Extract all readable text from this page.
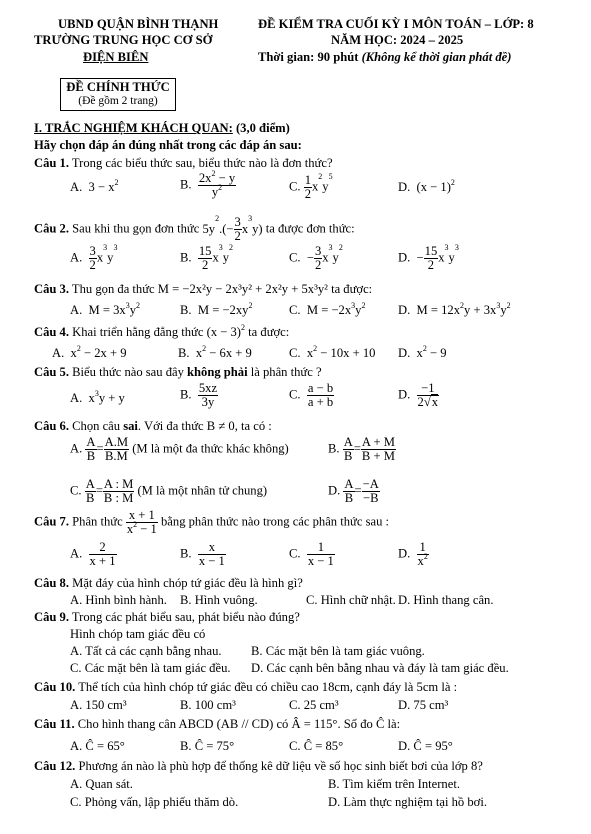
UBND QUẬN BÌNH THẠNH
TRƯỜNG TRUNG HỌC CƠ SỞ
ĐIỆN BIÊN
ĐỀ KIỂM TRA CUỐI KỲ I MÔN TOÁN – LỚP: 8
NĂM HỌC: 2024 – 2025
Thời gian: 90 phút (Không kể thời gian phát đề)
ĐỀ CHÍNH THỨC
(Đề gồm 2 trang)
I. TRẮC NGHIỆM KHÁCH QUAN: (3,0 điểm)
Hãy chọn đáp án đúng nhất trong các đáp án sau:
Câu 1. Trong các biểu thức sau, biểu thức nào là đơn thức?
A.  $3 - x^2$	B. $\frac{2x^2 - y}{y^2}$	C. $\frac{1}{2} x^2y^5$
D.  $(x - 1)^2$
Câu 2. Sau khi thu gọn đơn thức $5y^2.(- \frac{3}{2} x^3y)$ ta được đơn thức:
A. $\frac{3}{2} x^3y^3$
B. $\frac{15}{2} x^3y^2$
C.  − $\frac{3}{2} x^3y^2$
D.  − $\frac{15}{2} x^3y^3$
Câu 3. Thu gọn đa thức M = −2x²y − 2x³y² + 2x²y + 5x³y² ta được:
A.  $M = 3x^3y^2$	B.  $M = -2xy^2$	C.  $M = -2x^3y^2$	D.  $M = 12x^2y + 3x^3y^2$
Câu 4. Khai triển hằng đẳng thức $(x - 3)^2$ ta được:
A.  $x^2 - 2x + 9$	B.  $x^2 - 6x + 9$	C.  $x^2 - 10x + 10$ D.  $x^2 - 9$
Câu 5. Biểu thức nào sau đây không phải là phân thức ?
A.  $x^3y + y$	B. $\frac{5xz}{3y}$	C. $\frac{a - b}{a + b}$	D. $\frac{-1}{2√x}$
Câu 6. Chọn câu sai. Với đa thức B ≠ 0, ta có :
A. $\frac{A}{B} = \frac{A.M}{B.M} (M$ là một đa thức khác không)	B. $\frac{A}{B} = \frac{A + M}{B + M}$
C. $\frac{A}{B} = \frac{A : M}{B : M} (M$ là một nhân tử chung)	D. $\frac{A}{B} = \frac{-A}{-B}$
Câu 7. Phân thức $\frac{x + 1}{x^2 - 1}$ bằng phân thức nào trong các phân thức sau :
A. $\frac{2}{x + 1}$	B. $\frac{x}{x - 1}$	C. $\frac{1}{x - 1}$	D. $\frac{1}{x^2}$
Câu 8. Mặt đáy của hình chóp tứ giác đều là hình gì?
A. Hình bình hành. B. Hình vuông.	C. Hình chữ nhật. D. Hình thang cân.
Câu 9. Trong các phát biểu sau, phát biểu nào đúng?
Hình chóp tam giác đều có
A. Tất cả các cạnh bằng nhau. B. Các mặt bên là tam giác vuông.
C. Các mặt bên là tam giác đều. D. Các cạnh bên bằng nhau và đáy là tam giác đều.
Câu 10. Thể tích của hình chóp tứ giác đều có chiều cao 18cm, cạnh đáy là 5cm là :
A. 150 cm³	B. 100 cm³	C. 25 cm³	D. 75 cm³
Câu 11. Cho hình thang cân ABCD (AB // CD) có Â = 115°. Số đo Ĉ là:
A. Ĉ = 65°	B. Ĉ = 75°	C. Ĉ = 85°	D. Ĉ = 95°
Câu 12. Phương án nào là phù hợp để thống kê dữ liệu về số học sinh biết bơi của lớp 8?
A. Quan sát.	B. Tìm kiếm trên Internet.
C. Phỏng vấn, lập phiếu thăm dò.	D. Làm thực nghiệm tại hồ bơi.
